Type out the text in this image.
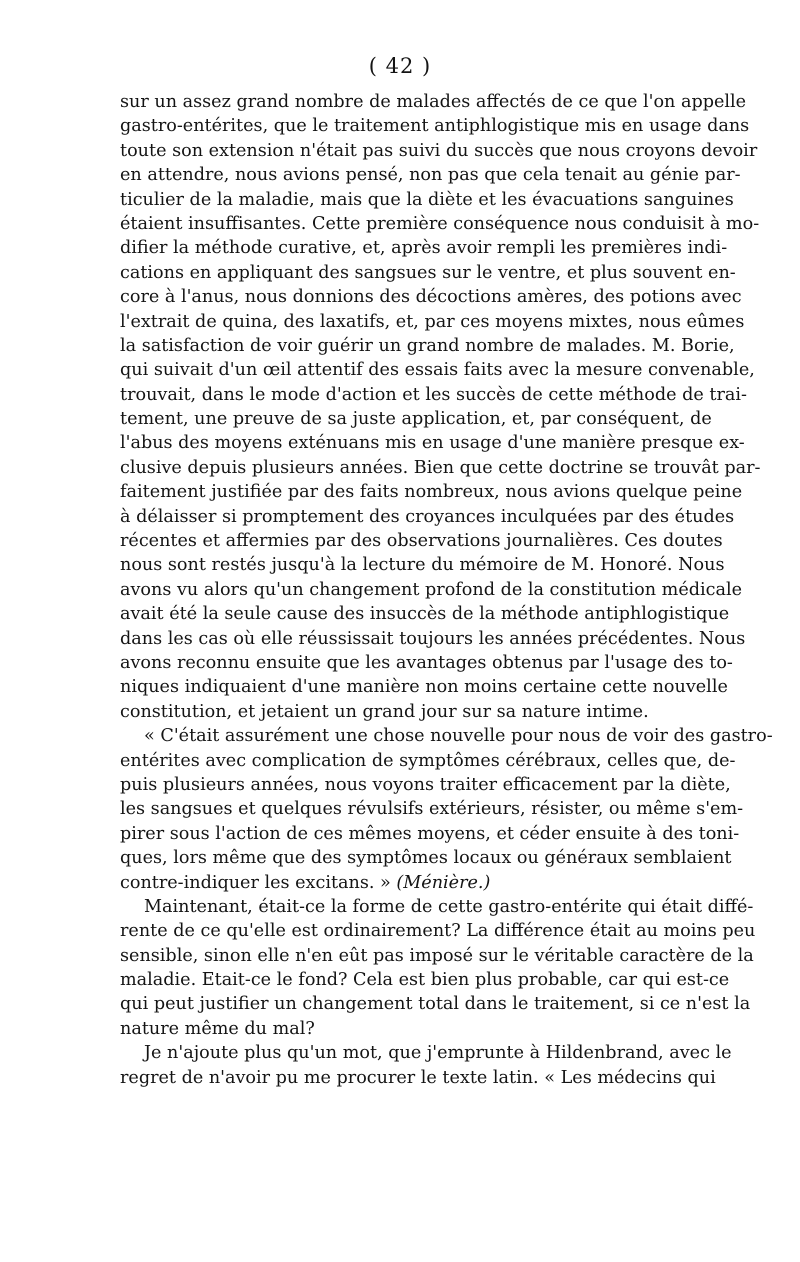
( 42 )
sur un assez grand nombre de malades affectés de ce que l'on appelle
gastro-entérites, que le traitement antiphlogistique mis en usage dans
toute son extension n'était pas suivi du succès que nous croyons devoir
en attendre, nous avions pensé, non pas que cela tenait au génie par-
ticulier de la maladie, mais que la diète et les évacuations sanguines
étaient insuffisantes. Cette première conséquence nous conduisit à mo-
difier la méthode curative, et, après avoir rempli les premières indi-
cations en appliquant des sangsues sur le ventre, et plus souvent en-
core à l'anus, nous donnions des décoctions amères, des potions avec
l'extrait de quina, des laxatifs, et, par ces moyens mixtes, nous eûmes
la satisfaction de voir guérir un grand nombre de malades. M. Borie,
qui suivait d'un œil attentif des essais faits avec la mesure convenable,
trouvait, dans le mode d'action et les succès de cette méthode de trai-
tement, une preuve de sa juste application, et, par conséquent, de
l'abus des moyens exténuans mis en usage d'une manière presque ex-
clusive depuis plusieurs années. Bien que cette doctrine se trouvât par-
faitement justifiée par des faits nombreux, nous avions quelque peine
à délaisser si promptement des croyances inculquées par des études
récentes et affermies par des observations journalières. Ces doutes
nous sont restés jusqu'à la lecture du mémoire de M. Honoré. Nous
avons vu alors qu'un changement profond de la constitution médicale
avait été la seule cause des insuccès de la méthode antiphlogistique
dans les cas où elle réussissait toujours les années précédentes. Nous
avons reconnu ensuite que les avantages obtenus par l'usage des to-
niques indiquaient d'une manière non moins certaine cette nouvelle
constitution, et jetaient un grand jour sur sa nature intime.
« C'était assurément une chose nouvelle pour nous de voir des gastro-
entérites avec complication de symptômes cérébraux, celles que, de-
puis plusieurs années, nous voyons traiter efficacement par la diète,
les sangsues et quelques révulsifs extérieurs, résister, ou même s'em-
pirer sous l'action de ces mêmes moyens, et céder ensuite à des toni-
ques, lors même que des symptômes locaux ou généraux semblaient
contre-indiquer les excitans. » (Ménière.)
Maintenant, était-ce la forme de cette gastro-entérite qui était diffé-
rente de ce qu'elle est ordinairement? La différence était au moins peu
sensible, sinon elle n'en eût pas imposé sur le véritable caractère de la
maladie. Etait-ce le fond? Cela est bien plus probable, car qui est-ce
qui peut justifier un changement total dans le traitement, si ce n'est la
nature même du mal?
Je n'ajoute plus qu'un mot, que j'emprunte à Hildenbrand, avec le
regret de n'avoir pu me procurer le texte latin. « Les médecins qui
